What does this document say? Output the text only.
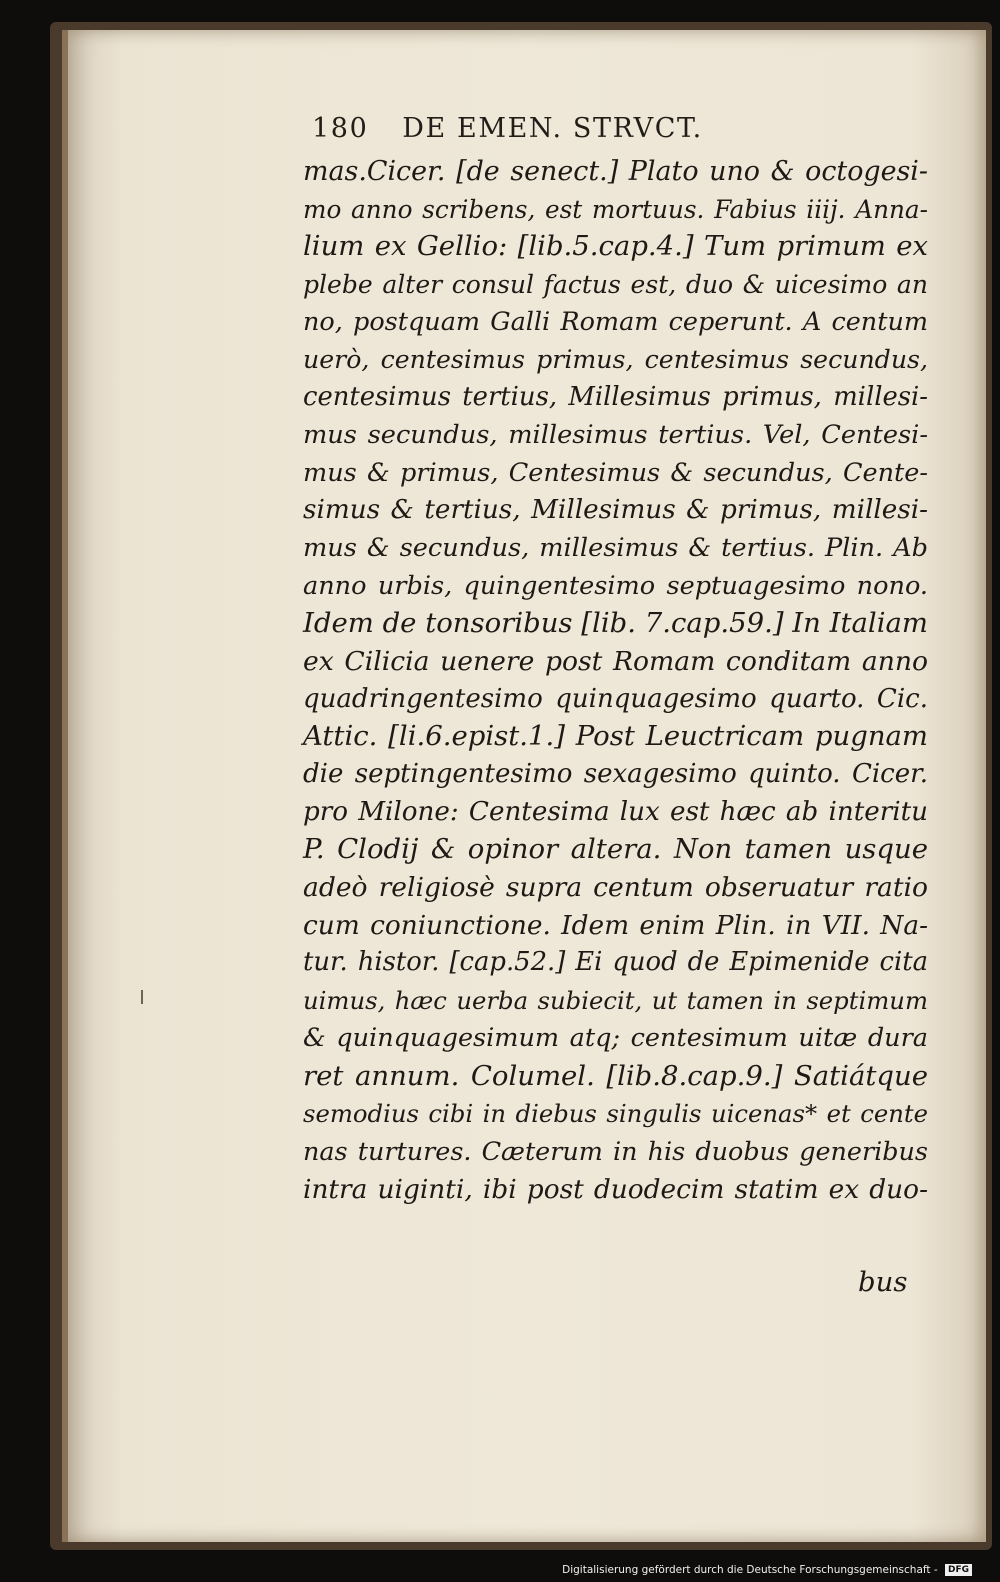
180 DE EMEN. STRVCT.
mas.Cicer. [de senect.] Plato uno & octogesi-
mo anno scribens, est mortuus. Fabius iiij. Anna-
lium ex Gellio: [lib.5.cap.4.] Tum primum ex
plebe alter consul factus est, duo & uicesimo an
no, postquam Galli Romam ceperunt. A centum
uerò, centesimus primus, centesimus secundus,
centesimus tertius, Millesimus primus, millesi-
mus secundus, millesimus tertius. Vel, Centesi-
mus & primus, Centesimus & secundus, Cente-
simus & tertius, Millesimus & primus, millesi-
mus & secundus, millesimus & tertius. Plin. Ab
anno urbis, quingentesimo septuagesimo nono.
Idem de tonsoribus [lib. 7.cap.59.] In Italiam
ex Cilicia uenere post Romam conditam anno
quadringentesimo quinquagesimo quarto. Cic.
Attic. [li.6.epist.1.] Post Leuctricam pugnam
die septingentesimo sexagesimo quinto. Cicer.
pro Milone: Centesima lux est hæc ab interitu
P. Clodij & opinor altera. Non tamen usque
adeò religiosè supra centum obseruatur ratio
cum coniunctione. Idem enim Plin. in VII. Na-
tur. histor. [cap.52.] Ei quod de Epimenide cita
uimus, hæc uerba subiecit, ut tamen in septimum
& quinquagesimum atq; centesimum uitæ dura
ret annum. Columel. [lib.8.cap.9.] Satiátque
semodius cibi in diebus singulis uicenas* et cente
nas turtures. Cæterum in his duobus generibus
intra uiginti, ibi post duodecim statim ex duo-
bus
Digitalisierung gefördert durch die Deutsche Forschungsgemeinschaft - DFG
